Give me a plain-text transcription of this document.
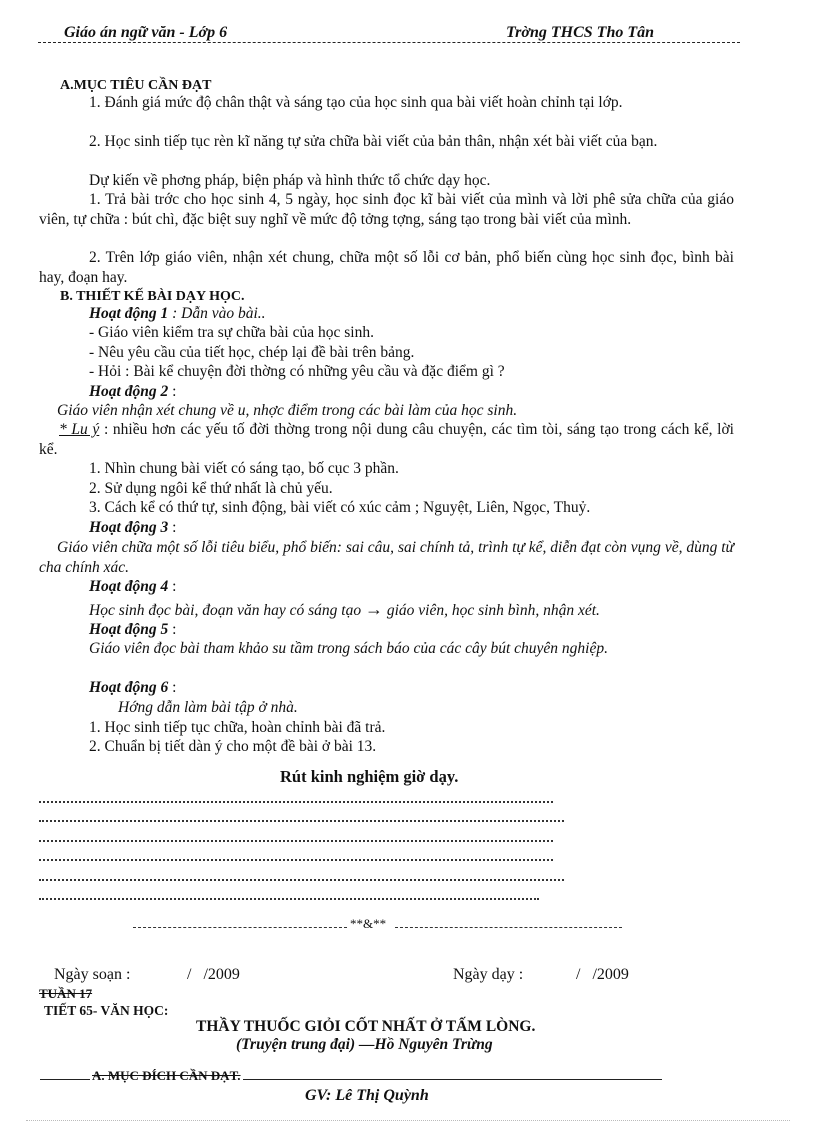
Giáo án ngữ văn - Lớp 6	Trờng THCS Tho Tân
A.MỤC TIÊU CẦN ĐẠT
1. Đánh giá mức độ chân thật và sáng tạo của học sinh qua bài viết hoàn chỉnh tại lớp.
2. Học sinh tiếp tục rèn kĩ năng tự sửa chữa bài viết của bản thân, nhận xét bài viết của bạn.
Dự kiến về phơng pháp, biện pháp và hình thức tổ chức dạy học.
1. Trả bài trớc cho học sinh 4, 5 ngày, học sinh đọc kĩ bài viết của mình và lời phê sửa chữa của giáo viên, tự chữa : bút chì, đặc biệt suy nghĩ về mức độ tởng tợng, sáng tạo trong bài viết của mình.
2. Trên lớp giáo viên, nhận xét chung, chữa một số lỗi cơ bản, phổ biến cùng học sinh đọc, bình bài hay, đoạn hay.
B. THIẾT KẾ BÀI DẠY HỌC.
Hoạt động 1 : Dẫn vào bài..
- Giáo viên kiểm tra sự chữa bài của học sinh.
- Nêu yêu cầu của tiết học, chép lại đề bài trên bảng.
- Hỏi : Bài kể chuyện đời thờng có những yêu cầu và đặc điểm gì ?
Hoạt động 2 :
Giáo viên nhận xét chung về u, nhợc điểm trong các bài làm của học sinh.
* Lu ý : nhiều hơn các yếu tố đời thờng trong nội dung câu chuyện, các tìm tòi, sáng tạo trong cách kể, lời kể.
1. Nhìn chung bài viết có sáng tạo, bố cục 3 phần.
2. Sử dụng ngôi kể thứ nhất là chủ yếu.
3. Cách kể có thứ tự, sinh động, bài viết có xúc cảm ; Nguyệt, Liên, Ngọc, Thuỷ.
Hoạt động 3 :
Giáo viên chữa một số lỗi tiêu biểu, phổ biến: sai câu, sai chính tả, trình tự kể, diễn đạt còn vụng về, dùng từ cha chính xác.
Hoạt động 4 :
Học sinh đọc bài, đoạn văn hay có sáng tạo → giáo viên, học sinh bình, nhận xét.
Hoạt động 5 :
Giáo viên đọc bài tham khảo su tầm trong sách báo của các cây bút chuyên nghiệp.
Hoạt động 6 :
Hớng dẫn làm bài tập ở nhà.
1. Học sinh tiếp tục chữa, hoàn chỉnh bài đã trả.
2. Chuẩn bị tiết dàn ý cho một đề bài ở bài 13.
Rút kinh nghiệm giờ dạy.
**&**
Ngày soạn :	/   /2009	Ngày dạy :	/   /2009
TUẦN 17
TIẾT 65- VĂN HỌC:
THẦY THUỐC GIỎI CỐT NHẤT Ở TẤM LÒNG.
(Truyện trung đại) —Hồ Nguyên Trừng
A. MỤC ĐÍCH CẦN ĐẠT.
GV: Lê Thị Quỳnh
